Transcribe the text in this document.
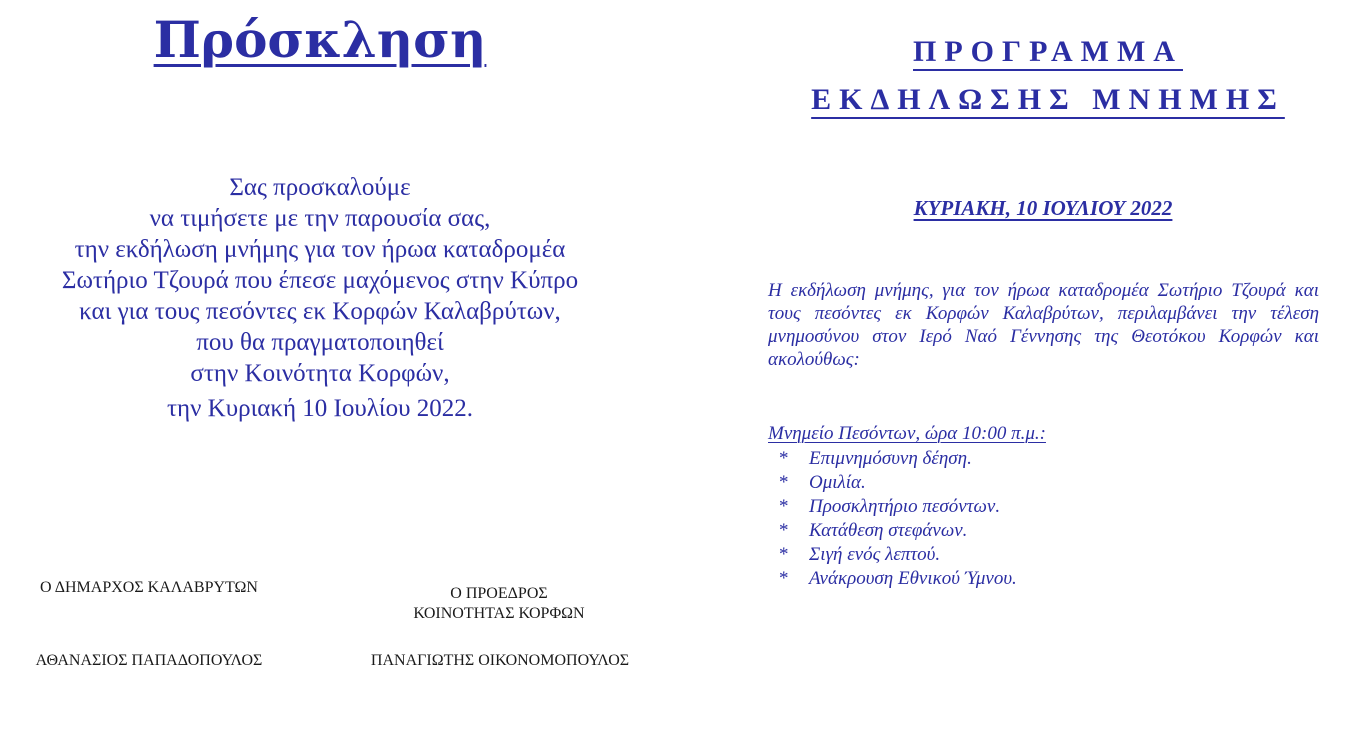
Πρόσκληση
Σας προσκαλούμε
να τιμήσετε με την παρουσία σας,
την εκδήλωση μνήμης για τον ήρωα καταδρομέα
Σωτήριο Τζουρά που έπεσε μαχόμενος στην Κύπρο
και για τους πεσόντες εκ Κορφών Καλαβρύτων,
που θα πραγματοποιηθεί
στην Κοινότητα Κορφών,
την Κυριακή 10 Ιουλίου 2022.
Ο ΔΗΜΑΡΧΟΣ ΚΑΛΑΒΡΥΤΩΝ
ΑΘΑΝΑΣΙΟΣ ΠΑΠΑΔΟΠΟΥΛΟΣ
Ο ΠΡΟΕΔΡΟΣ
ΚΟΙΝΟΤΗΤΑΣ ΚΟΡΦΩΝ
ΠΑΝΑΓΙΩΤΗΣ ΟΙΚΟΝΟΜΟΠΟΥΛΟΣ
ΠΡΟΓΡΑΜΜΑ
ΕΚΔΗΛΩΣΗΣ ΜΝΗΜΗΣ
ΚΥΡΙΑΚΗ, 10 ΙΟΥΛΙΟΥ 2022
Η εκδήλωση μνήμης, για τον ήρωα καταδρομέα Σωτήριο Τζουρά και τους πεσόντες εκ Κορφών Καλαβρύτων, περιλαμβάνει την τέλεση μνημοσύνου στον Ιερό Ναό Γέννησης της Θεοτόκου Κορφών και ακολούθως:
Μνημείο Πεσόντων, ώρα 10:00 π.μ.:
* Επιμνημόσυνη δέηση.
* Ομιλία.
* Προσκλητήριο πεσόντων.
* Κατάθεση στεφάνων.
* Σιγή ενός λεπτού.
* Ανάκρουση Εθνικού Ύμνου.
